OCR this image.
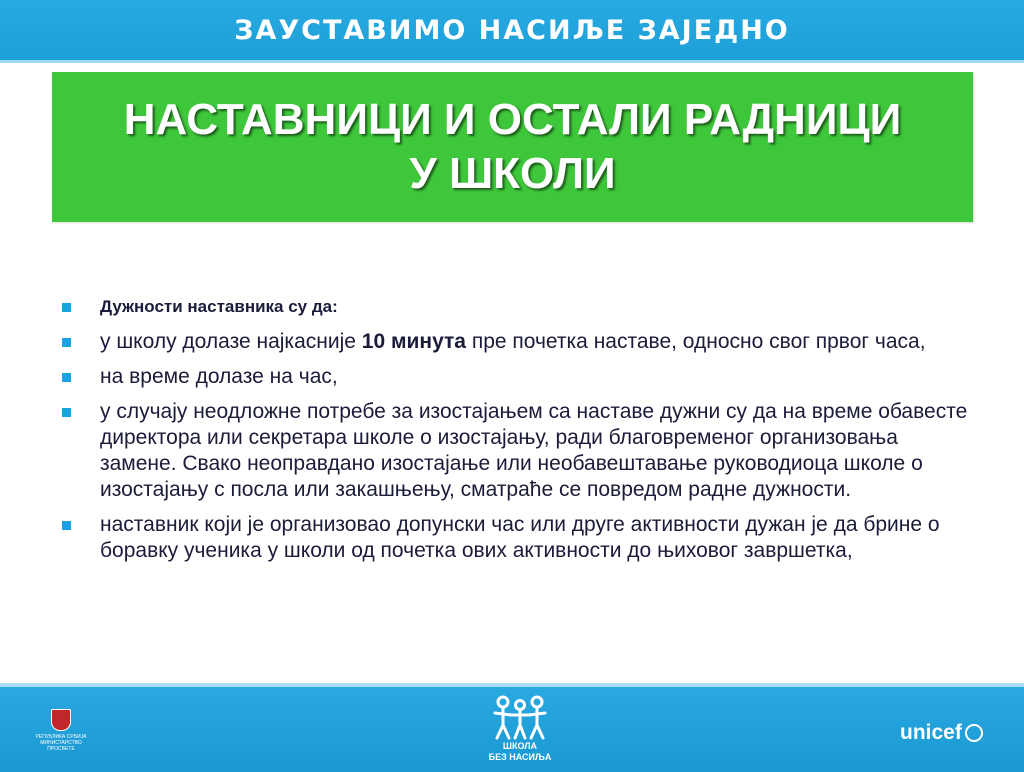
ЗАУСТАВИМО НАСИЉЕ ЗАЈЕДНО
НАСТАВНИЦИ И ОСТАЛИ РАДНИЦИ
У ШКОЛИ
Дужности наставника су да:
у школу долазе најкасније 10 минута пре почетка наставе, односно свог првог часа,
на време долазе на час,
у случају неодложне потребе за изостајањем са наставе дужни су да на време обавесте директора или секретара школе о изостајању, ради благовременог организовања замене. Свако неоправдано изостајање или необавештавање руководиоца школе о изостајању с посла или закашњењу, сматраће се повредом радне дужности.
наставник који је организовао допунски час или друге активности дужан је да брине о боравку ученика у школи од почетка ових активности до њиховог завршетка,
РЕПУБЛИКА СРБИЈА МИНИСТАРСТВО ПРОСВЕТЕ	ШКОЛА
БЕЗ НАСИЉА
unicef
